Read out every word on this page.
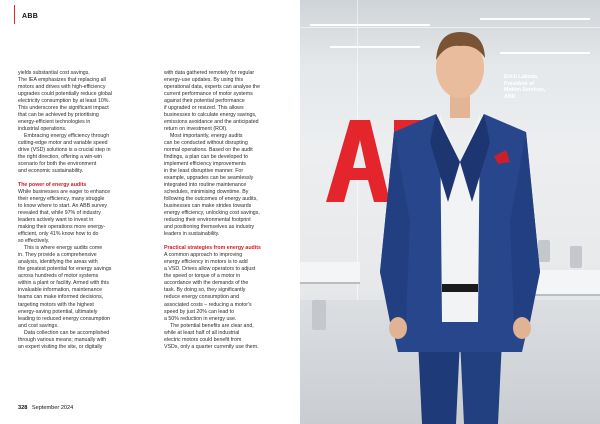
ABB
yields substantial cost savings.
The IEA emphasizes that replacing all
motors and drives with high-efficiency
upgrades could potentially reduce global
electricity consumption by at least 10%.
This underscores the significant impact
that can be achieved by prioritising
energy-efficient technologies in
industrial operations.
Embracing energy efficiency through
cutting-edge motor and variable speed
drive (VSD) solutions is a crucial step in
the right direction, offering a win-win
scenario for both the environment
and economic sustainability.
The power of energy audits
While businesses are eager to enhance
their energy efficiency, many struggle
to know where to start. An ABB survey
revealed that, while 97% of industry
leaders actively want to invest in
making their operations more energy-
efficient, only 41% know how to do
so effectively.
This is where energy audits come
in. They provide a comprehensive
analysis, identifying the areas with
the greatest potential for energy savings
across hundreds of motor systems
within a plant or facility. Armed with this
invaluable information, maintenance
teams can make informed decisions,
targeting motors with the highest
energy-saving potential, ultimately
leading to reduced energy consumption
and cost savings.
Data collection can be accomplished
through various means; manually with
an expert visiting the site, or digitally
with data gathered remotely for regular
energy-use updates. By using this
operational data, experts can analyse the
current performance of motor systems
against their potential performance
if upgraded or resized. This allows
businesses to calculate energy savings,
emissions avoidance and the anticipated
return on investment (ROI).
Most importantly, energy audits
can be conducted without disrupting
normal operations. Based on the audit
findings, a plan can be developed to
implement efficiency improvements
in the least disruptive manner. For
example, upgrades can be seamlessly
integrated into routine maintenance
schedules, minimising downtime. By
following the outcomes of energy audits,
businesses can make strides towards
energy efficiency, unlocking cost savings,
reducing their environmental footprint
and positioning themselves as industry
leaders in sustainability.
Practical strategies from energy audits
A common approach to improving
energy efficiency in motors is to add
a VSD. Drives allow operators to adjust
the speed or torque of a motor in
accordance with the demands of the
task. By doing so, they significantly
reduce energy consumption and
associated costs – reducing a motor's
speed by just 20% can lead to
a 50% reduction in energy use.
The potential benefits are clear and,
while at least half of all industrial
electric motors could benefit from
VSDs, only a quarter currently use them.
328 September 2024
Erich Labuda,
President of
Motion Services,
ABB
